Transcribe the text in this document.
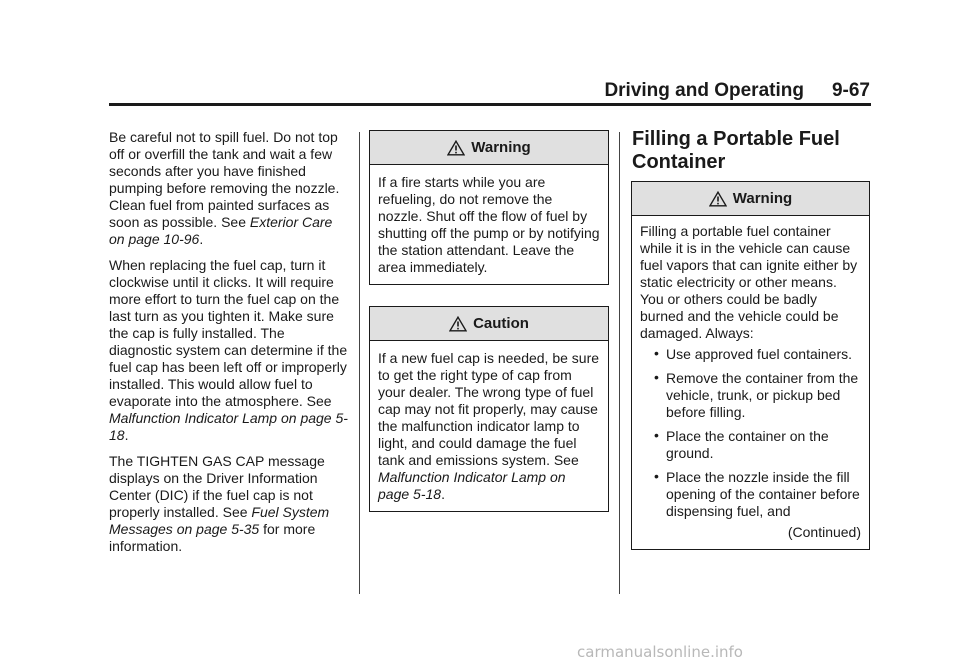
Driving and Operating 9-67

Be careful not to spill fuel. Do not top off or overfill the tank and wait a few seconds after you have finished pumping before removing the nozzle. Clean fuel from painted surfaces as soon as possible. See Exterior Care on page 10-96.

When replacing the fuel cap, turn it clockwise until it clicks. It will require more effort to turn the fuel cap on the last turn as you tighten it. Make sure the cap is fully installed. The diagnostic system can determine if the fuel cap has been left off or improperly installed. This would allow fuel to evaporate into the atmosphere. See Malfunction Indicator Lamp on page 5-18.

The TIGHTEN GAS CAP message displays on the Driver Information Center (DIC) if the fuel cap is not properly installed. See Fuel System Messages on page 5-35 for more information.

Warning
If a fire starts while you are refueling, do not remove the nozzle. Shut off the flow of fuel by shutting off the pump or by notifying the station attendant. Leave the area immediately.
Caution
If a new fuel cap is needed, be sure to get the right type of cap from your dealer. The wrong type of fuel cap may not fit properly, may cause the malfunction indicator lamp to light, and could damage the fuel tank and emissions system. See Malfunction Indicator Lamp on page 5-18.
Filling a Portable Fuel Container
Warning
Filling a portable fuel container while it is in the vehicle can cause fuel vapors that can ignite either by static electricity or other means. You or others could be badly burned and the vehicle could be damaged. Always:
• Use approved fuel containers.
• Remove the container from the vehicle, trunk, or pickup bed before filling.
• Place the container on the ground.
• Place the nozzle inside the fill opening of the container before dispensing fuel, and
(Continued)
carmanualsonline.info
